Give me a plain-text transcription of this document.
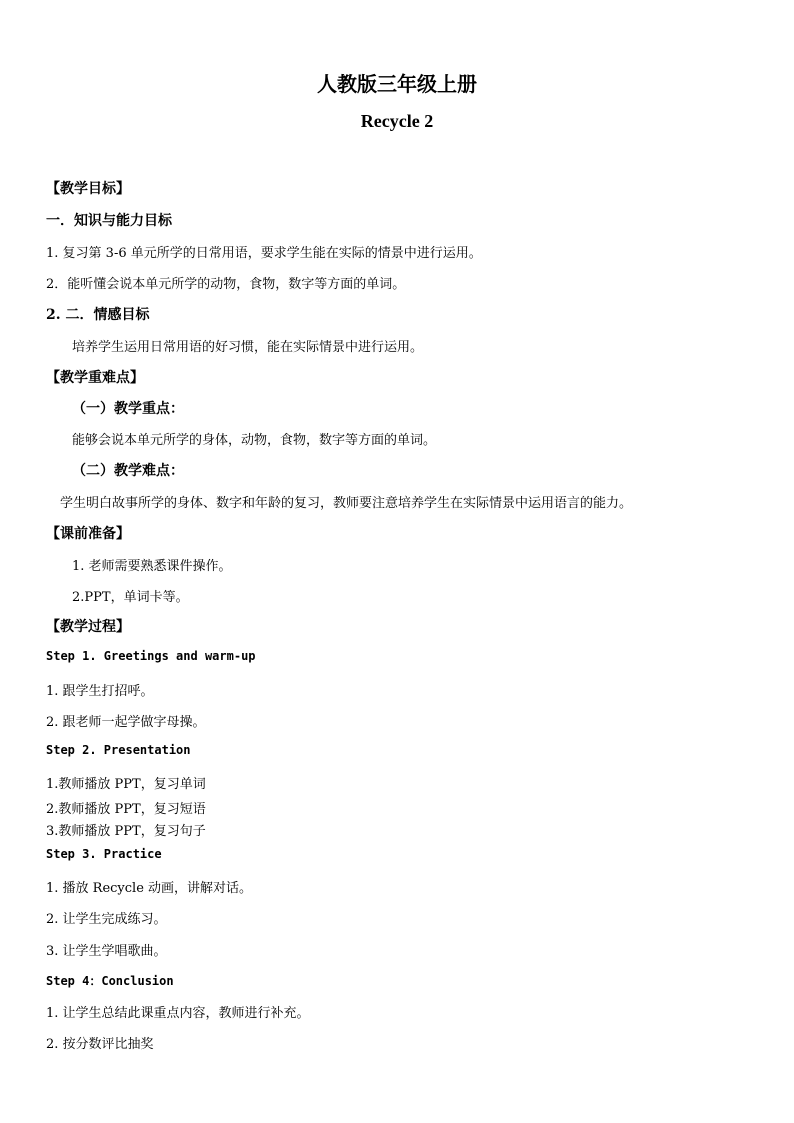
人教版三年级上册
Recycle 2
【教学目标】
一．知识与能力目标
1. 复习第 3-6 单元所学的日常用语，要求学生能在实际的情景中进行运用。
2．能听懂会说本单元所学的动物，食物，数字等方面的单词。
2. 二．情感目标
培养学生运用日常用语的好习惯，能在实际情景中进行运用。
【教学重难点】
（一）教学重点：
能够会说本单元所学的身体，动物，食物，数字等方面的单词。
（二）教学难点：
学生明白故事所学的身体、数字和年龄的复习，教师要注意培养学生在实际情景中运用语言的能力。
【课前准备】
1. 老师需要熟悉课件操作。
2.PPT，单词卡等。
【教学过程】
Step 1. Greetings and warm-up
1. 跟学生打招呼。
2. 跟老师一起学做字母操。
Step 2. Presentation
1.教师播放 PPT，复习单词
2.教师播放 PPT，复习短语
3.教师播放 PPT，复习句子
Step 3. Practice
1. 播放 Recycle 动画，讲解对话。
2. 让学生完成练习。
3. 让学生学唱歌曲。
Step 4：Conclusion
1. 让学生总结此课重点内容，教师进行补充。
2. 按分数评比抽奖
